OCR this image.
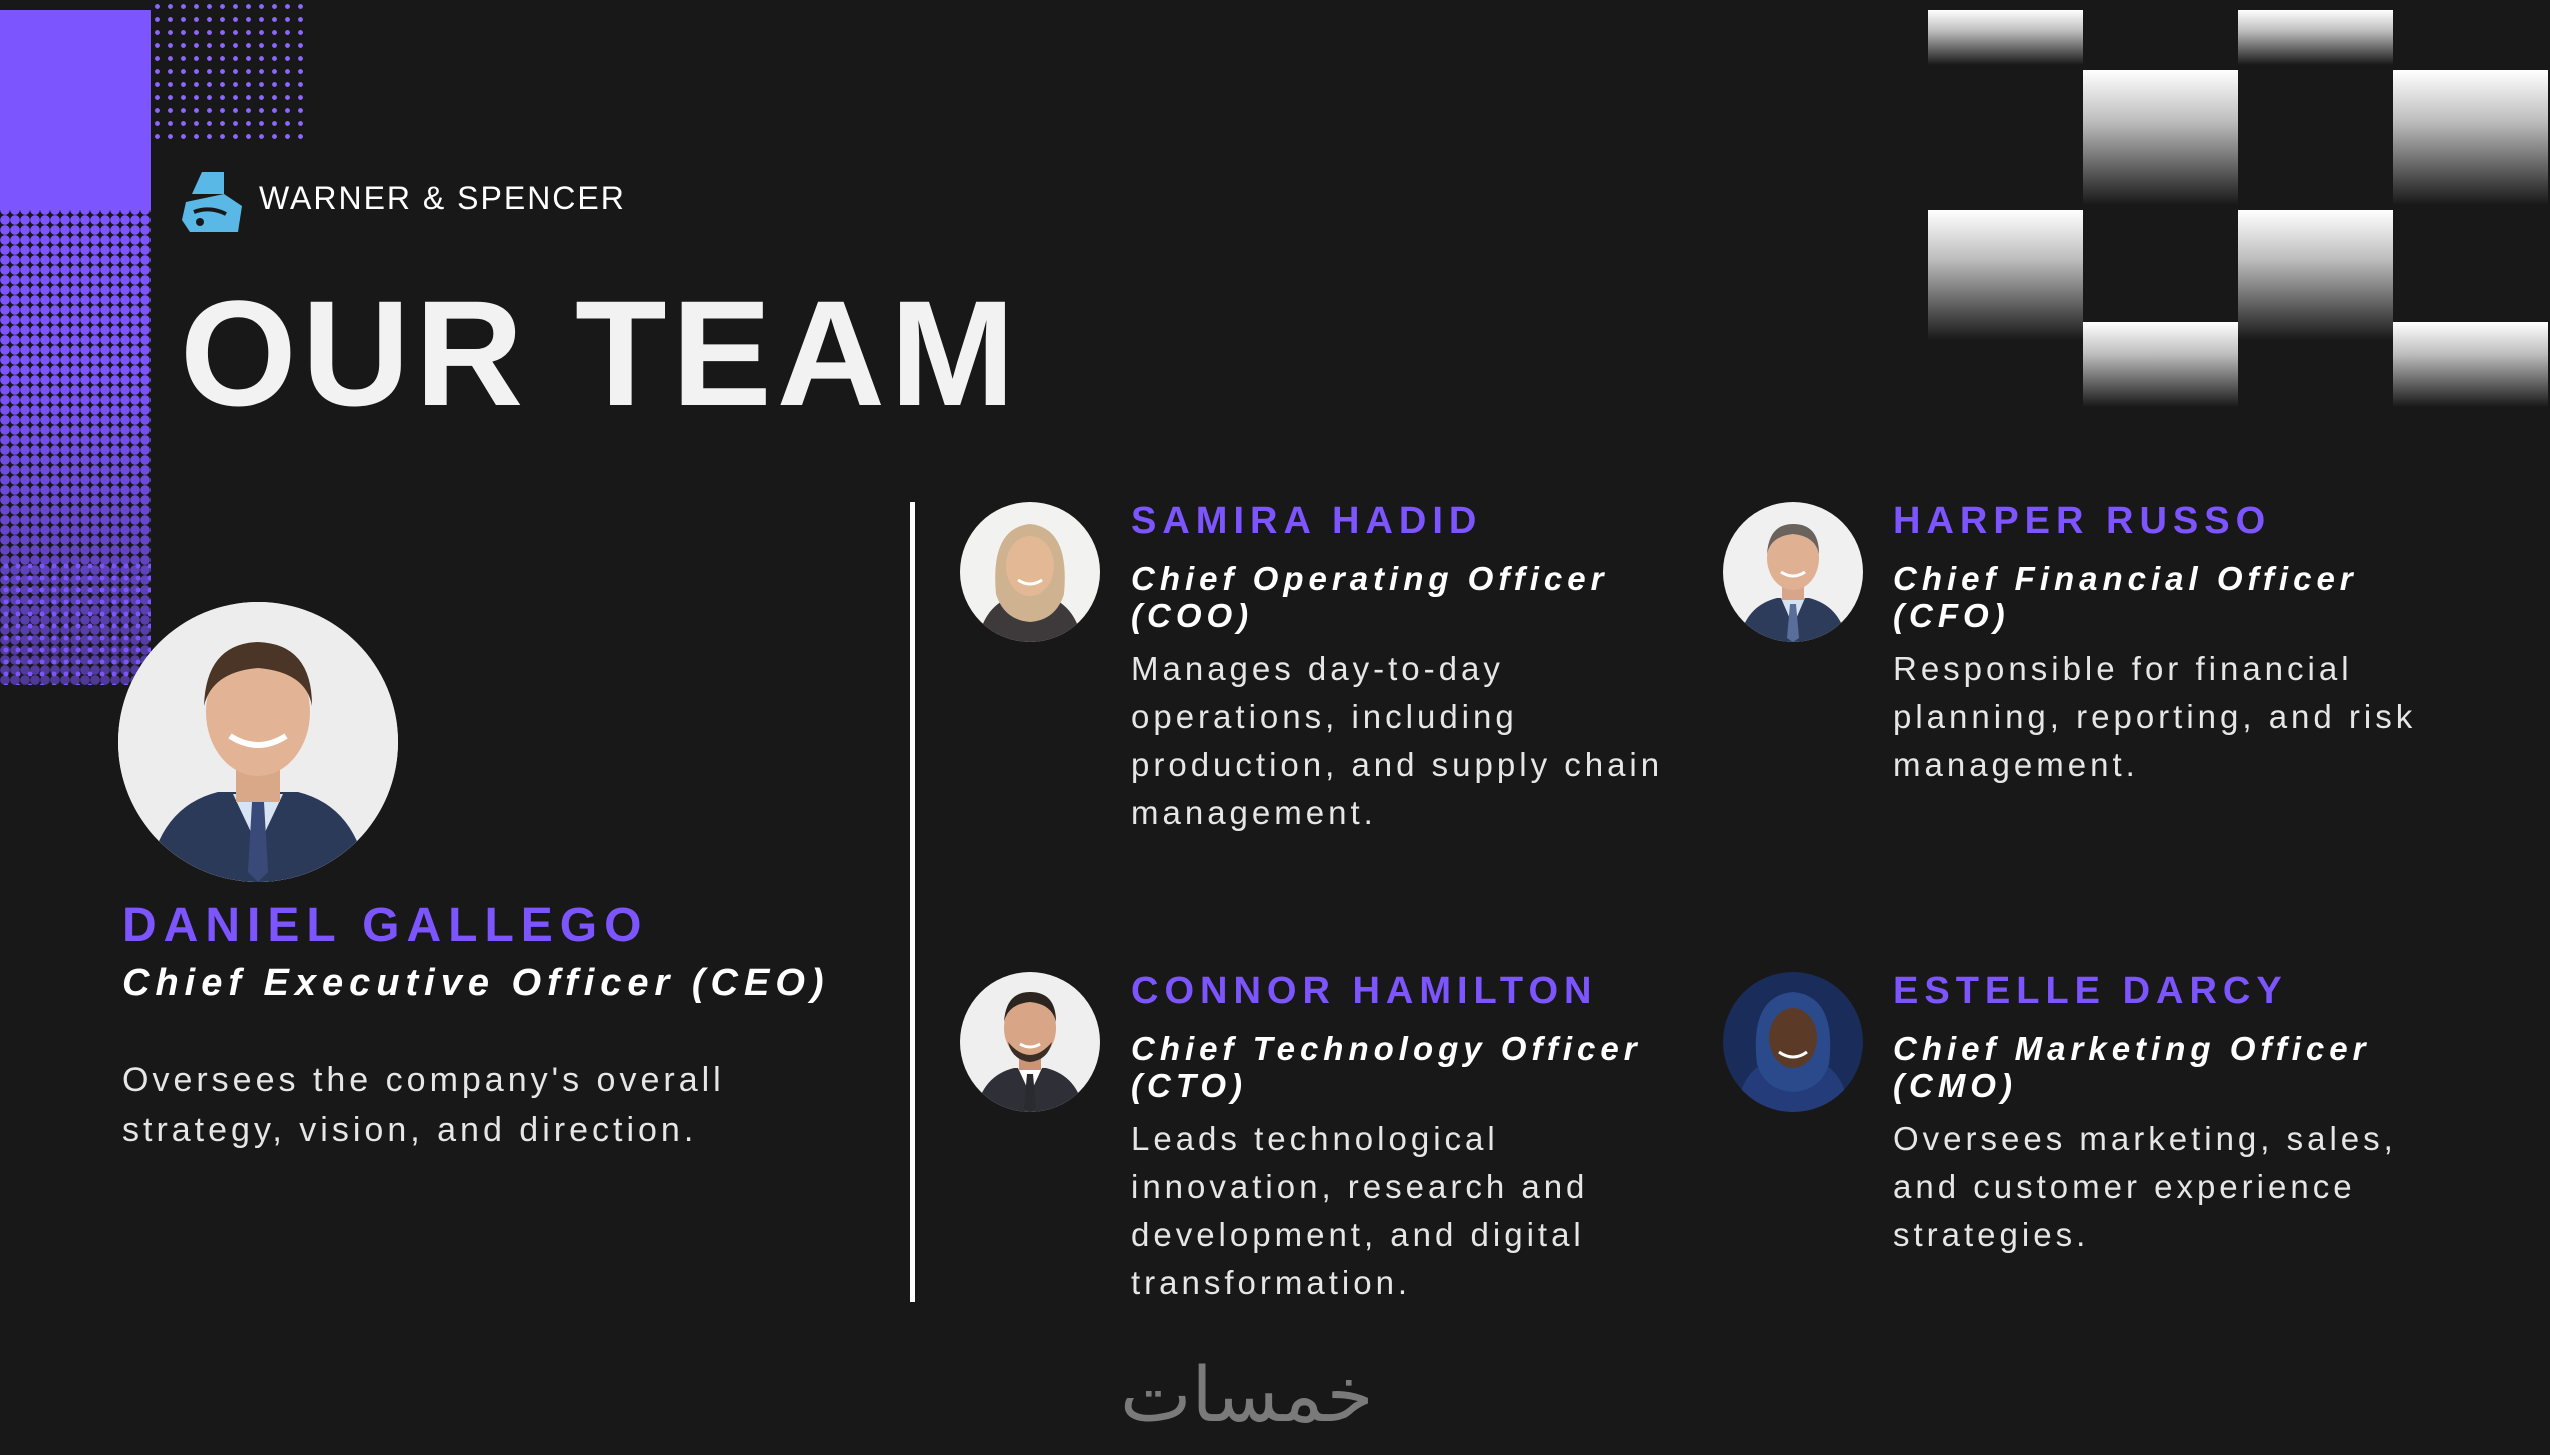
WARNER & SPENCER
OUR TEAM
DANIEL GALLEGO
Chief Executive Officer (CEO)
Oversees the company's overall strategy, vision, and direction.
SAMIRA HADID
Chief Operating Officer (COO)
Manages day-to-day operations, including production, and supply chain management.
HARPER RUSSO
Chief Financial Officer (CFO)
Responsible for financial planning, reporting, and risk management.
CONNOR HAMILTON
Chief Technology Officer (CTO)
Leads technological innovation, research and development, and digital transformation.
ESTELLE DARCY
Chief Marketing Officer (CMO)
Oversees marketing, sales, and customer experience strategies.
خمسات
